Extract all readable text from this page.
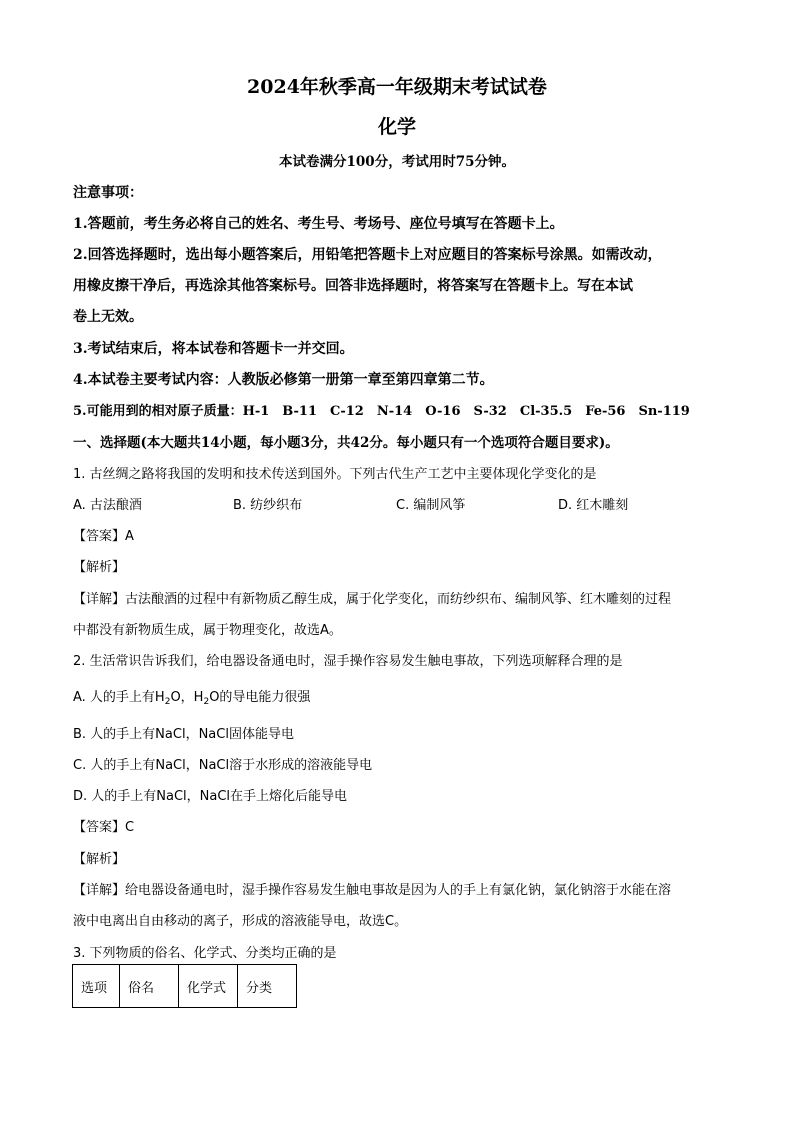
2024年秋季高一年级期末考试试卷
化学
本试卷满分100分，考试用时75分钟。
注意事项：
1.答题前，考生务必将自己的姓名、考生号、考场号、座位号填写在答题卡上。
2.回答选择题时，选出每小题答案后，用铅笔把答题卡上对应题目的答案标号涂黑。如需改动，
用橡皮擦干净后，再选涂其他答案标号。回答非选择题时，将答案写在答题卡上。写在本试
卷上无效。
3.考试结束后，将本试卷和答题卡一并交回。
4.本试卷主要考试内容：人教版必修第一册第一章至第四章第二节。
5.可能用到的相对原子质量：H-1　B-11　C-12　N-14　O-16　S-32　Cl-35.5　Fe-56　Sn-119
一、选择题(本大题共14小题，每小题3分，共42分。每小题只有一个选项符合题目要求)。
1. 古丝绸之路将我国的发明和技术传送到国外。下列古代生产工艺中主要体现化学变化的是
A. 古法酿酒	B. 纺纱织布	C. 编制风筝	D. 红木雕刻
【答案】A
【解析】
【详解】古法酿酒的过程中有新物质乙醇生成，属于化学变化，而纺纱织布、编制风筝、红木雕刻的过程
中都没有新物质生成，属于物理变化，故选A。
2. 生活常识告诉我们，给电器设备通电时，湿手操作容易发生触电事故，下列选项解释合理的是
A. 人的手上有$H_2O$，$H_2O$的导电能力很强
B. 人的手上有NaCl，NaCl固体能导电
C. 人的手上有NaCl，NaCl溶于水形成的溶液能导电
D. 人的手上有NaCl，NaCl在手上熔化后能导电
【答案】C
【解析】
【详解】给电器设备通电时，湿手操作容易发生触电事故是因为人的手上有氯化钠，氯化钠溶于水能在溶
液中电离出自由移动的离子，形成的溶液能导电，故选C。
3. 下列物质的俗名、化学式、分类均正确的是
选项	俗名	化学式	分类
